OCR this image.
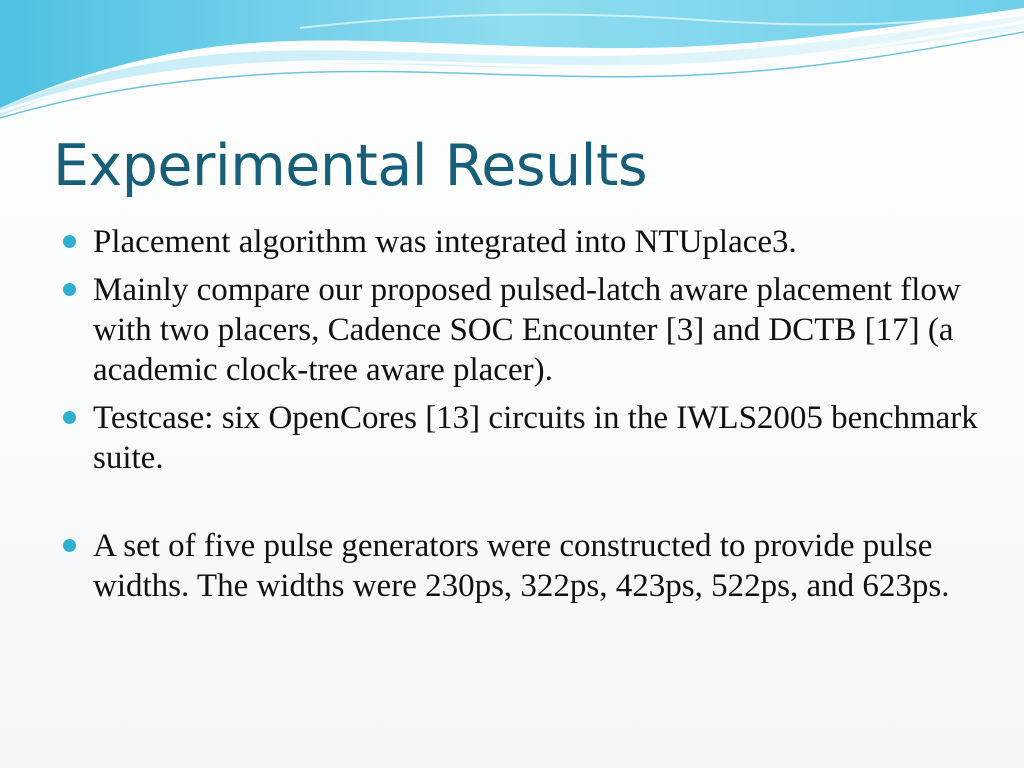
Experimental Results
Placement algorithm was integrated into NTUplace3.
Mainly compare our proposed pulsed-latch aware placement flow with two placers, Cadence SOC Encounter [3] and DCTB [17] (a academic clock-tree aware placer).
Testcase: six OpenCores [13] circuits in the IWLS2005 benchmark suite.
A set of five pulse generators were constructed to provide pulse widths. The widths were 230ps, 322ps, 423ps, 522ps, and 623ps.
